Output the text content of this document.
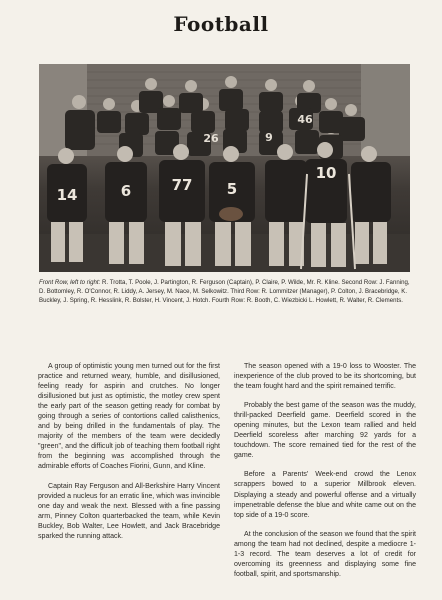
Football
9
26
46
14	6	77 5
10

Front Row, left to right: R. Trotta, T. Poole, J. Partington, R. Ferguson (Captain), P. Claire, P. Wilde, Mr. R. Kline. Second Row: J. Fanning, D. Bottomley, R. O'Connor, R. Liddy, A. Jersey, M. Nace, M. Selkowitz. Third Row: R. Lommitzer (Manager), P. Colton, J. Bracebridge, K. Buckley, J. Spring, R. Hesslink, R. Bolster, H. Vincent, J. Hotch. Fourth Row: R. Booth, C. Wiezbicki L. Howlett, R. Walter, R. Clements.

A group of optimistic young men turned out for the first practice and returned weary, humble, and disillusioned, feeling ready for aspirin and crutches. No longer disillusioned but just as optimistic, the motley crew spent the early part of the season getting ready for combat by going through a series of contortions called calisthenics, and by being drilled in the fundamentals of play. The majority of the members of the team were decidedly "green", and the difficult job of teaching them football right from the beginning was accomplished through the admirable efforts of Coaches Fiorini, Gunn, and Kline.

Captain Ray Ferguson and All-Berkshire Harry Vincent provided a nucleus for an erratic line, which was invincible one day and weak the next. Blessed with a fine passing arm, Pinney Colton quarterbacked the team, while Kevin Buckley, Bob Walter, Lee Howlett, and Jack Bracebridge sparked the running attack.

The season opened with a 19-0 loss to Wooster. The inexperience of the club proved to be its shortcoming, but the team fought hard and the spirit remained terrific.

Probably the best game of the season was the muddy, thrill-packed Deerfield game. Deerfield scored in the opening minutes, but the Lexon team rallied and held Deerfield scoreless after marching 92 yards for a touchdown. The score remained tied for the rest of the game.

Before a Parents' Week-end crowd the Lenox scrappers bowed to a superior Millbrook eleven. Displaying a steady and powerful offense and a virtually impenetrable defense the blue and white came out on the top side of a 19-0 score.

At the conclusion of the season we found that the spirit among the team had not declined, despite a mediocre 1-1-3 record. The team deserves a lot of credit for overcoming its greenness and displaying some fine football, spirit, and sportsmanship.
